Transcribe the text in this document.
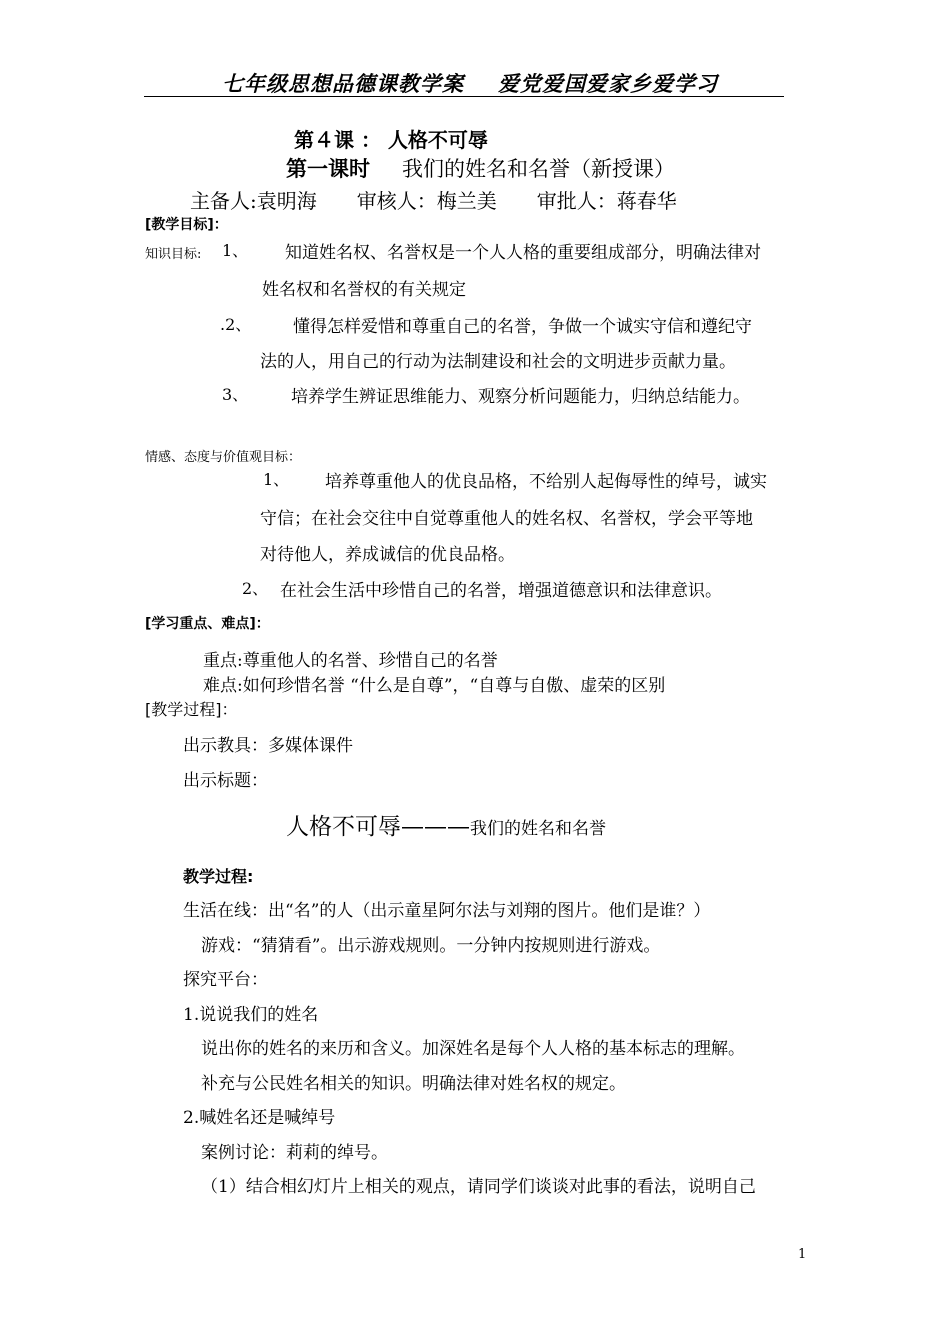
七年级思想品德课教学案 爱党爱国爱家乡爱学习
第４课 ： 人格不可辱
第一课时 我们的姓名和名誉（新授课）
主备人:袁明海 审核人：梅兰美 审批人：蒋春华
[教学目标]：
知识目标: 1、 知道姓名权、名誉权是一个人人格的重要组成部分，明确法律对
姓名权和名誉权的有关规定
.2、 懂得怎样爱惜和尊重自己的名誉，争做一个诚实守信和遵纪守
法的人，用自己的行动为法制建设和社会的文明进步贡献力量。
3、	培养学生辨证思维能力、观察分析问题能力，归纳总结能力。
情感、态度与价值观目标：
1、 培养尊重他人的优良品格，不给别人起侮辱性的绰号，诚实
守信；在社会交往中自觉尊重他人的姓名权、名誉权，学会平等地
对待他人，养成诚信的优良品格。
2、 在社会生活中珍惜自己的名誉，增强道德意识和法律意识。
[学习重点、难点]：
重点:尊重他人的名誉、珍惜自己的名誉
难点:如何珍惜名誉 “什么是自尊”，“自尊与自傲、虚荣的区别
[教学过程]：
出示教具：多媒体课件
出示标题：
人格不可辱———我们的姓名和名誉
教学过程:
生活在线：出“名”的人（出示童星阿尔法与刘翔的图片。他们是谁？）
游戏：“猜猜看”。出示游戏规则。一分钟内按规则进行游戏。
探究平台：
1.说说我们的姓名
说出你的姓名的来历和含义。加深姓名是每个人人格的基本标志的理解。
补充与公民姓名相关的知识。明确法律对姓名权的规定。
2.喊姓名还是喊绰号
案例讨论：莉莉的绰号。
（1）结合相幻灯片上相关的观点，请同学们谈谈对此事的看法，说明自己
1
